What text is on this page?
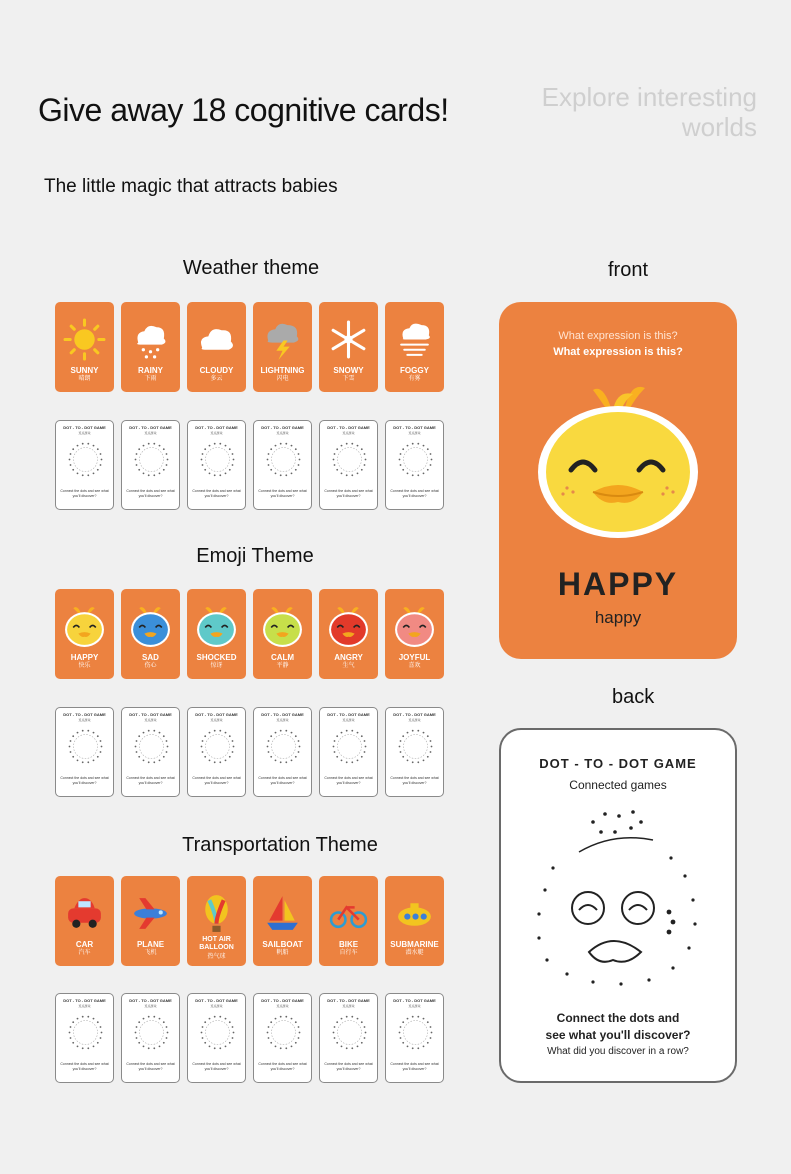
Give away 18 cognitive cards!	Explore interesting
worlds
The little magic that attracts babies
Weather theme
SUNNY
晴朗
RAINY
下雨
CLOUDY
多云
LIGHTNING
闪电
SNOWY
下雪
FOGGY
有雾
DOT - TO - DOT GAME
连点游戏
Connect the dots and see what you'll discover?
DOT - TO - DOT GAME
连点游戏
Connect the dots and see what you'll discover?
DOT - TO - DOT GAME
连点游戏
Connect the dots and see what you'll discover?
DOT - TO - DOT GAME
连点游戏
Connect the dots and see what you'll discover?
DOT - TO - DOT GAME
连点游戏
Connect the dots and see what you'll discover?
DOT - TO - DOT GAME
连点游戏
Connect the dots and see what you'll discover?
Emoji Theme
HAPPY
快乐
SAD
伤心
SHOCKED
惊讶
CALM
平静
ANGRY
生气
JOYFUL
喜欢
DOT - TO - DOT GAME
连点游戏
Connect the dots and see what you'll discover?
DOT - TO - DOT GAME
连点游戏
Connect the dots and see what you'll discover?
DOT - TO - DOT GAME
连点游戏
Connect the dots and see what you'll discover?
DOT - TO - DOT GAME
连点游戏
Connect the dots and see what you'll discover?
DOT - TO - DOT GAME
连点游戏
Connect the dots and see what you'll discover?
DOT - TO - DOT GAME
连点游戏
Connect the dots and see what you'll discover?
Transportation Theme
CAR
汽车
PLANE
飞机
HOT AIR BALLOON
热气球
SAILBOAT
帆船
BIKE
自行车
SUBMARINE
潜水艇
DOT - TO - DOT GAME
连点游戏
Connect the dots and see what you'll discover?
DOT - TO - DOT GAME
连点游戏
Connect the dots and see what you'll discover?
DOT - TO - DOT GAME
连点游戏
Connect the dots and see what you'll discover?
DOT - TO - DOT GAME
连点游戏
Connect the dots and see what you'll discover?
DOT - TO - DOT GAME
连点游戏
Connect the dots and see what you'll discover?
DOT - TO - DOT GAME
连点游戏
Connect the dots and see what you'll discover?
front
What expression is this?
What expression is this?
HAPPY
happy
back
DOT - TO - DOT GAME
Connected games
Connect the dots and
see what you'll discover?
What did you discover in a row?
